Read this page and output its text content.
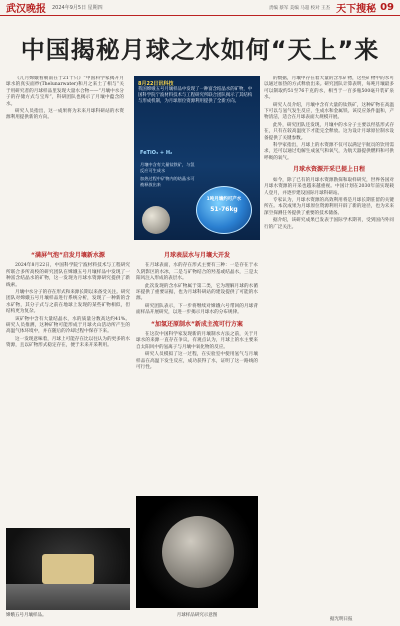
武汉晚报 2024年9月5日 星期四	责编 蔡军 美编 马超 校对 王杰 天下搜秘 09
中国揭秘月球之水如何“天上”来

《几月嫦娥看朝南在于21十只》“中国科学家揭开月球水的真实面纱(Thelunarwater)和月之来土了相与”关于用研究者的月球样品里发现大量水合物——“月壤中水分子的存储方式与宝库”，科研团队也揭示了月壤中蕴含的水。

研究人员指出，这一成果将为未来月球科研站的水资源利用提供新的方向。

8月22日讯科技
我国嫦娥五号月壤样品中发现了一种富含结晶水的矿物，中国科学院宁波材料技术与工程研究所联合团队揭示了其结构与形成机制，为月球原位资源利用提供了全新方向。
FeTiO₃ + H₂
月壤中含有大量钛铁矿，与氢反应可生成水
加热过程中矿物内的结晶水可被释放出来
1吨月壤约可产水
51-76kg
“满屏气泡”启发月壤新水源

2024年8月22日，中国科学院宁波材料技术与工程研究所联合多所高校的研究团队在嫦娥五号月壤样品中发现了一种富含结晶水的矿物，这一发现为月球水资源研究提供了新线索。

月壤中水分子的存在形式和来源长期以来备受关注。研究团队对嫦娥五号月壤样品进行系统分析，发现了一种新的含水矿物，其分子式与之前在地球上发现的某些矿物相似，但结构更为复杂。

该矿物中含有大量结晶水，水的质量分数高达约41%。研究人员推测，这种矿物可能形成于月球火山活动所产生的高温气体环境中，并在随后的冷却过程中保存下来。

这一发现意味着，月球上可能存在比以往认为的更多的水资源，且以矿物形式稳定存在，便于未来开采利用。

嫦娥五号月壤样品。
月球表层水与月壤大开发

在月球表面，水的存在形式主要有三种：一是存在于永久阴影区的水冰，二是与矿物结合的羟基或结晶水，三是太阳风注入形成的表层水。

此次发现的含水矿物属于第二类，它为理解月球的水循环提供了重要证据，也为月球科研站的建设提供了可能的水源。

研究团队表示，下一步将继续对嫦娥六号带回的月球背面样品开展研究，以进一步揭示月球水的分布规律。

“加氢还原制水”新成主流可行方案

在这次中国科学家发现新的月壤制水方法之前，关于月球水的来源一直存在争议。有观点认为，月球上的水主要来自太阳风中的氢离子与月壤中氧化物的反应。

研究人员模拟了这一过程，在实验室中使用氢气与月壤样品在高温下发生反应，成功获得了水，证明了这一路线的可行性。

月球样品研究示意图

的数据，月壤中存在着大量的含水矿物，这些矿物中的水可以通过加热的方式释放出来。研究团队计算表明，每吨月壤最多可以制取约51至76千克的水，相当于一百多瓶500毫升装矿泉水。

研究人员介绍，月壤中含有大量的钛铁矿，这种矿物在高温下可以与氢气发生反应，生成水和金属铁。该反应条件温和，产物清洁，适合在月球表面大规模开展。

此外，研究团队还发现，月壤中的水分子主要以羟基形式存在，只有在较高温度下才能完全释放。这为设计月球原位制水设备提供了关键参数。

科学家指出，月球上的水资源不仅可以满足宇航员的饮用需求，还可以通过电解生成氢气和氧气，为航天器提供燃料和可供呼吸的氧气。

月球水资源开采已提上日程

如今，除了已有的月球水资源勘探和取样研究，世界各国对月球水资源的开采也越来越重视。中国计划在2030年前实现载人登月，并逐步建设国际月球科研站。

专家认为，月球水资源的高效利用将是月球长期驻留的关键所在。本次成果为月球原位资源利用开辟了新的途径，也为未来深空探测任务提供了重要的技术储备。

据介绍，该研究成果已发表于国际学术期刊，受到国内外同行的广泛关注。

据光明日报
